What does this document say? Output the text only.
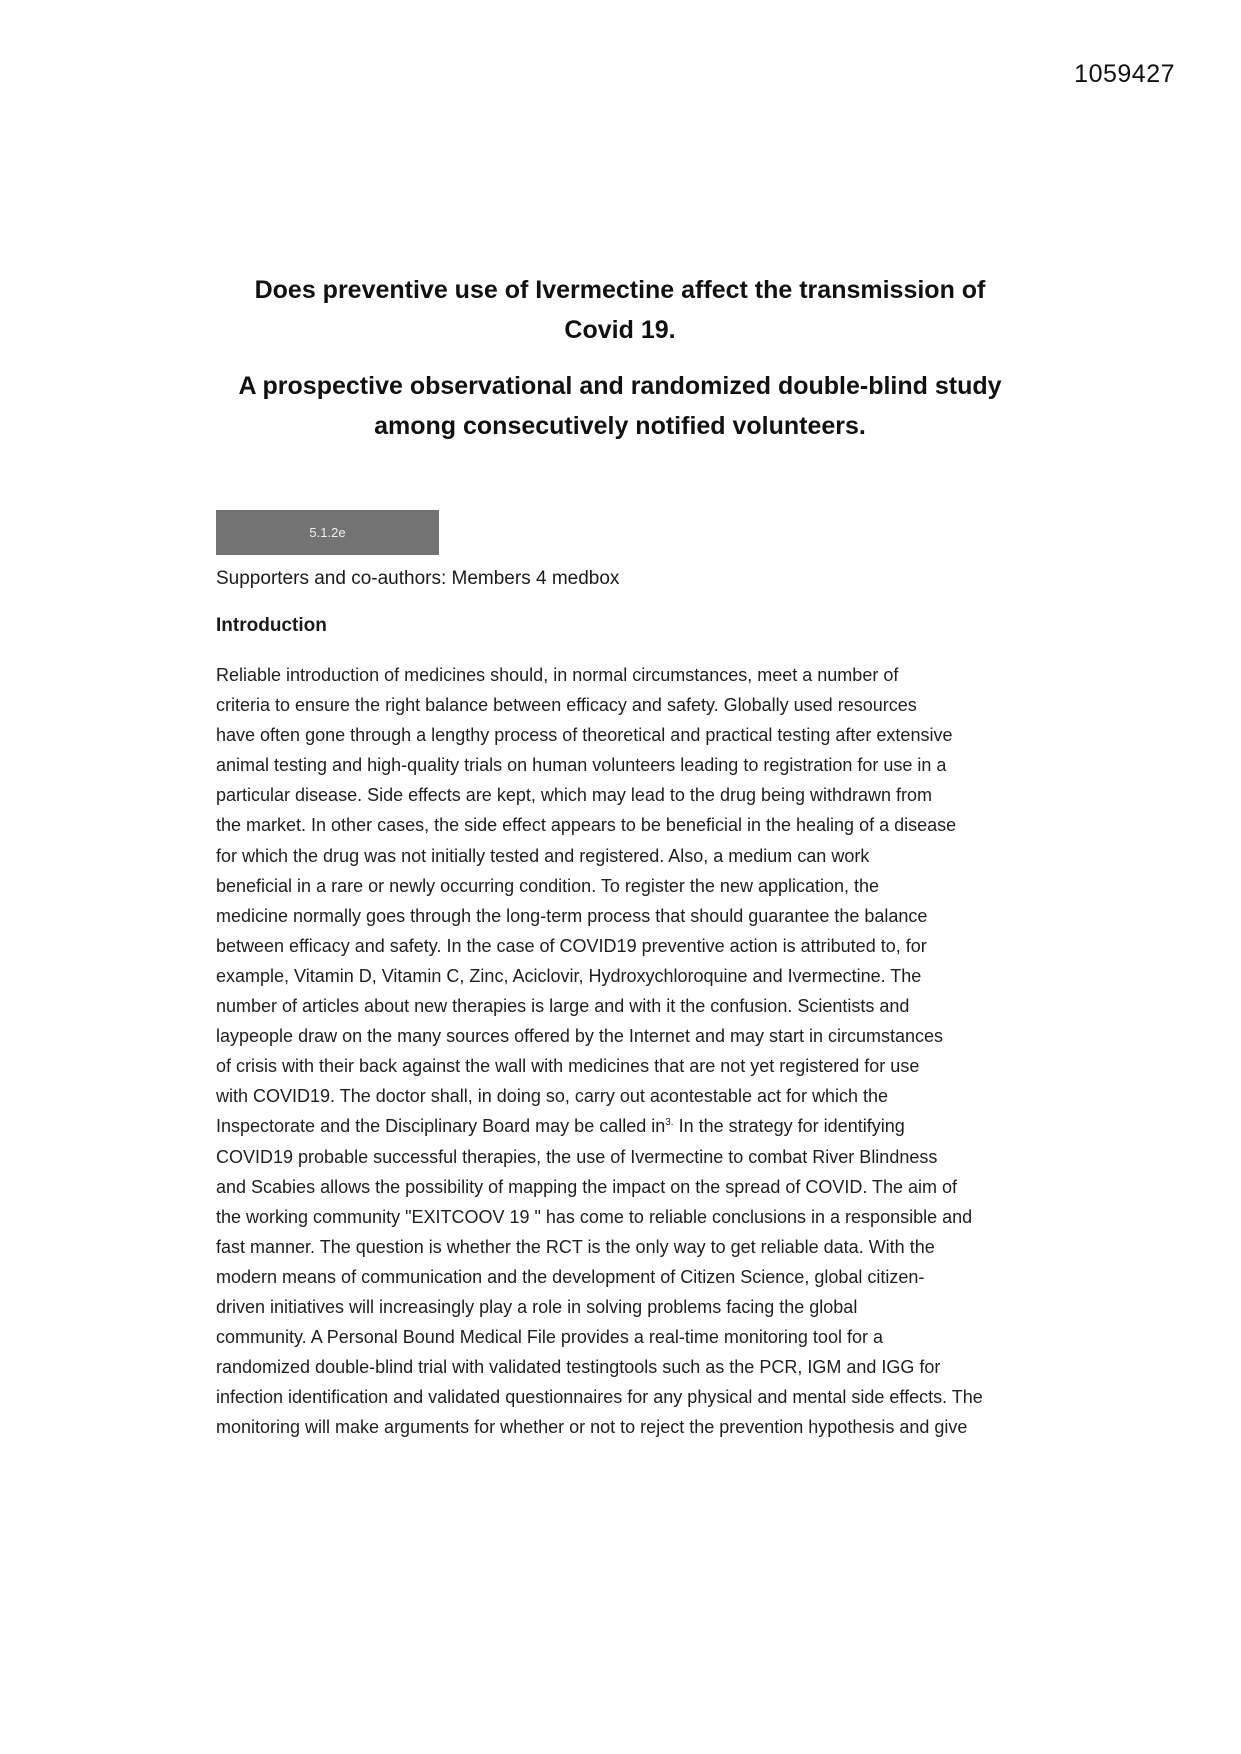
1059427

Does preventive use of Ivermectine affect the transmission of

Covid 19.

A prospective observational and randomized double-blind study

among consecutively notified volunteers.

5.1.2e
Supporters and co-authors: Members 4 medbox
Introduction
Reliable introduction of medicines should, in normal circumstances, meet a number of
criteria to ensure the right balance between efficacy and safety. Globally used resources
have often gone through a lengthy process of theoretical and practical testing after extensive
animal testing and high-quality trials on human volunteers leading to registration for use in a
particular disease. Side effects are kept, which may lead to the drug being withdrawn from
the market. In other cases, the side effect appears to be beneficial in the healing of a disease
for which the drug was not initially tested and registered. Also, a medium can work
beneficial in a rare or newly occurring condition. To register the new application, the
medicine normally goes through the long-term process that should guarantee the balance
between efficacy and safety. In the case of COVID19 preventive action is attributed to, for
example, Vitamin D, Vitamin C, Zinc, Aciclovir, Hydroxychloroquine and Ivermectine. The
number of articles about new therapies is large and with it the confusion. Scientists and
laypeople draw on the many sources offered by the Internet and may start in circumstances
of crisis with their back against the wall with medicines that are not yet registered for use
with COVID19. The doctor shall, in doing so, carry out acontestable act for which the
Inspectorate and the Disciplinary Board may be called $in^{3.}$ In the strategy for identifying
COVID19 probable successful therapies, the use of Ivermectine to combat River Blindness
and Scabies allows the possibility of mapping the impact on the spread of COVID. The aim of
the working community "EXITCOOV 19 " has come to reliable conclusions in a responsible and
fast manner. The question is whether the RCT is the only way to get reliable data. With the
modern means of communication and the development of Citizen Science, global citizen-
driven initiatives will increasingly play a role in solving problems facing the global
community. A Personal Bound Medical File provides a real-time monitoring tool for a
randomized double-blind trial with validated testingtools such as the PCR, IGM and IGG for
infection identification and validated questionnaires for any physical and mental side effects. The
monitoring will make arguments for whether or not to reject the prevention hypothesis and give
